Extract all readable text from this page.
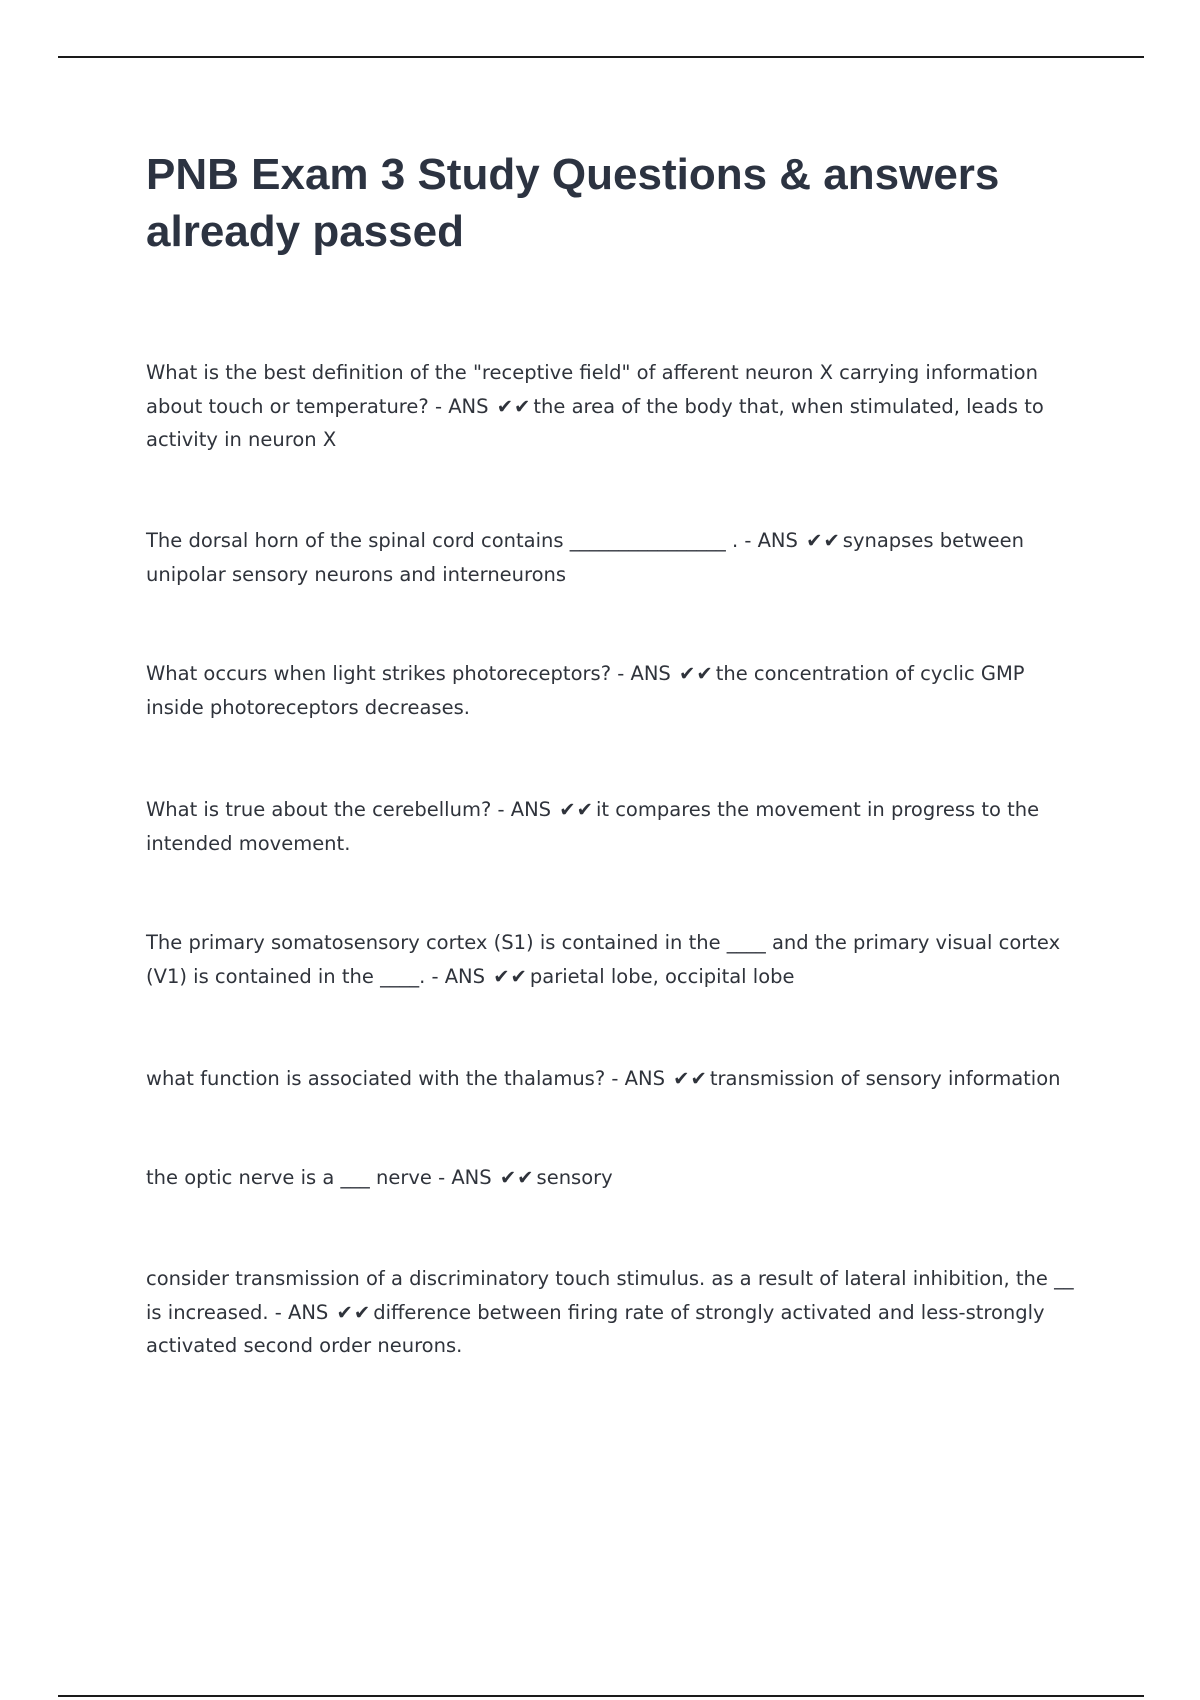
PNB Exam 3 Study Questions & answers already passed

What is the best definition of the "receptive field" of afferent neuron X carrying information about touch or temperature? - ANS ✔✔ the area of the body that, when stimulated, leads to activity in neuron X

The dorsal horn of the spinal cord contains ________________ . - ANS ✔✔ synapses between unipolar sensory neurons and interneurons

What occurs when light strikes photoreceptors? - ANS ✔✔ the concentration of cyclic GMP inside photoreceptors decreases.

What is true about the cerebellum? - ANS ✔✔ it compares the movement in progress to the intended movement.

The primary somatosensory cortex (S1) is contained in the ____ and the primary visual cortex (V1) is contained in the ____. - ANS ✔✔ parietal lobe, occipital lobe

what function is associated with the thalamus? - ANS ✔✔ transmission of sensory information

the optic nerve is a ___ nerve - ANS ✔✔ sensory

consider transmission of a discriminatory touch stimulus. as a result of lateral inhibition, the __ is increased. - ANS ✔✔ difference between firing rate of strongly activated and less-strongly activated second order neurons.
